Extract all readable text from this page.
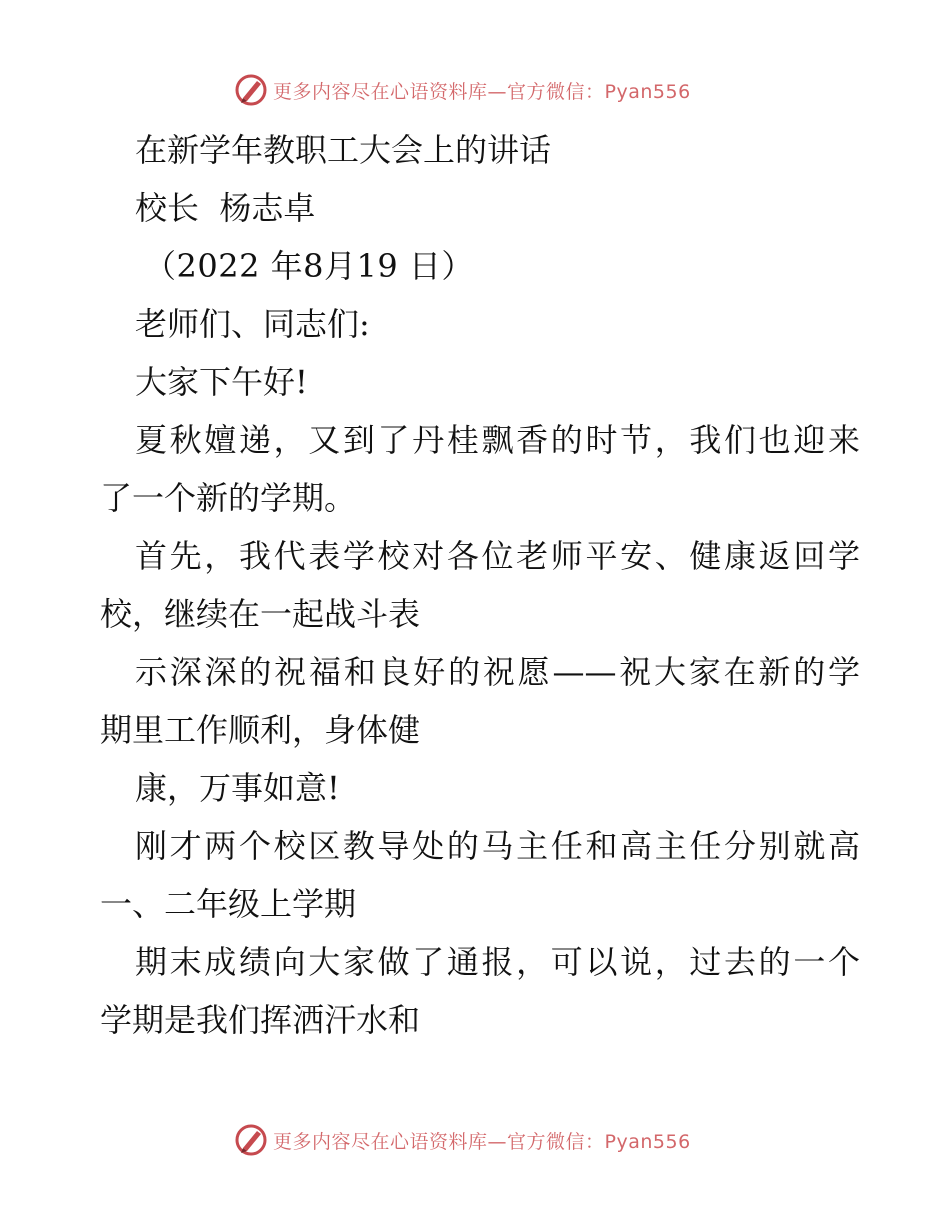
更多内容尽在心语资料库—官方微信：Pyan556
在新学年教职工大会上的讲话
校长  杨志卓
（2022 年8月19 日）
老师们、同志们:
大家下午好!
夏秋嬗递，又到了丹桂飘香的时节，我们也迎来
了一个新的学期。
首先，我代表学校对各位老师平安、健康返回学
校，继续在一起战斗表
示深深的祝福和良好的祝愿——祝大家在新的学
期里工作顺利，身体健
康，万事如意!
刚才两个校区教导处的马主任和高主任分别就高
一、二年级上学期
期末成绩向大家做了通报，可以说，过去的一个
学期是我们挥洒汗水和
更多内容尽在心语资料库—官方微信：Pyan556
